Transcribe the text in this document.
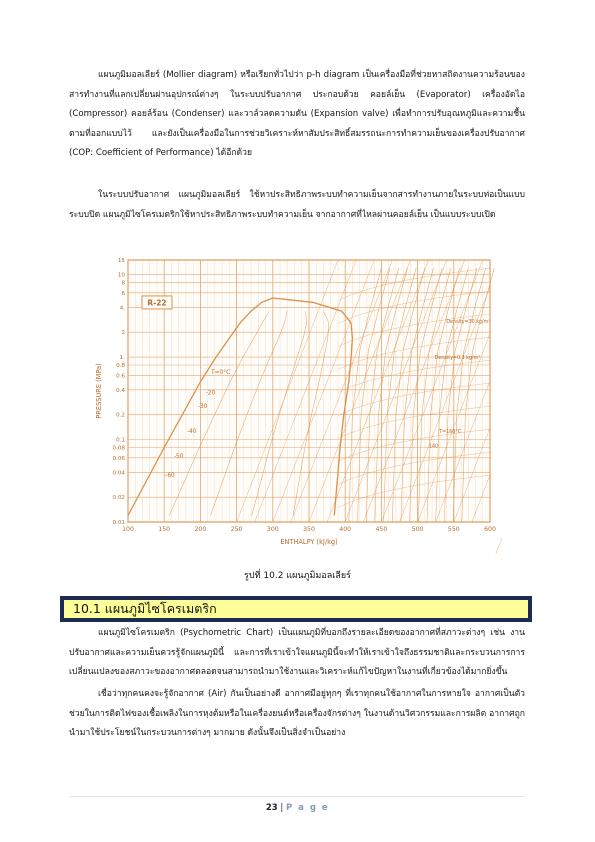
แผนภูมิมอลเลียร์ (Mollier diagram) หรือเรียกทั่วไปว่า p-h diagram เป็นเครื่องมือที่ช่วยหาสถิตงานความร้อนของสารทำงานที่แลกเปลี่ยนผ่านอุปกรณ์ต่างๆ ในระบบปรับอากาศ ประกอบด้วย คอยล์เย็น (Evaporator) เครื่องอัดไอ (Compressor) คอยล์ร้อน (Condenser) และวาล์วลดความดัน (Expansion valve) เพื่อทำการปรับอุณหภูมิและความชื้นตามที่ออกแบบไว้ และยังเป็นเครื่องมือในการช่วยวิเคราะห์หาสัมประสิทธิ์สมรรถนะการทำความเย็นของเครื่องปรับอากาศ (COP: Coefficient of Performance) ได้อีกด้วย

ในระบบปรับอากาศ แผนภูมิมอลเลียร์ ใช้หาประสิทธิภาพระบบทำความเย็นจากสารทำงานภายในระบบท่อเป็นแบบระบบปิด แผนภูมิไซโครเมตริกใช้หาประสิทธิภาพระบบทำความเย็น จากอากาศที่ไหลผ่านคอยล์เย็น เป็นแบบระบบเปิด

100	150	200	250	300	350	400	450	500	550	600
15
10
8
6
4.
2
1.
0.8
0.6
0.4
0.2
0.1
0.08
0.06
0.04
0.02
0.01
R-22
T=0°C
-20
-30
-40
-50
-60
Density=0.3 kg/m³
Density=30 kg/m³
T=160°C
140
ENTHALPY (kJ/kg)
PRESSURE (MPa)
รูปที่ 10.2 แผนภูมิมอลเลียร์
10.1 แผนภูมิไซโครเมตริก

แผนภูมิไซโครเมตริก (Psychometric Chart) เป็นแผนภูมิที่บอกถึงรายละเอียดของอากาศที่สภาวะต่างๆ เช่น งานปรับอากาศและความเย็นควรรู้จักแผนภูมินี้ และการที่เราเข้าใจแผนภูมินี้จะทำให้เราเข้าใจถึงธรรมชาติและกระบวนการการเปลี่ยนแปลงของสภาวะของอากาศตลอดจนสามารถนำมาใช้งานและวิเคราะห์แก้ไขปัญหาในงานที่เกี่ยวข้องได้มากยิ่งขึ้น

เชื่อว่าทุกคนคงจะรู้จักอากาศ (Air) กันเป็นอย่างดี อากาศมีอยู่ทุกๆ ที่เราทุกคนใช้อากาศในการหายใจ อากาศเป็นตัวช่วยในการติดไฟของเชื้อเพลิงในการหุงต้มหรือในเครื่องยนต์หรือเครื่องจักรต่างๆ ในงานด้านวิศวกรรมและการผลิต อากาศถูกนำมาใช้ประโยชน์ในกระบวนการต่างๆ มากมาย ดังนั้นจึงเป็นสิ่งจำเป็นอย่าง

23 | P a g e
